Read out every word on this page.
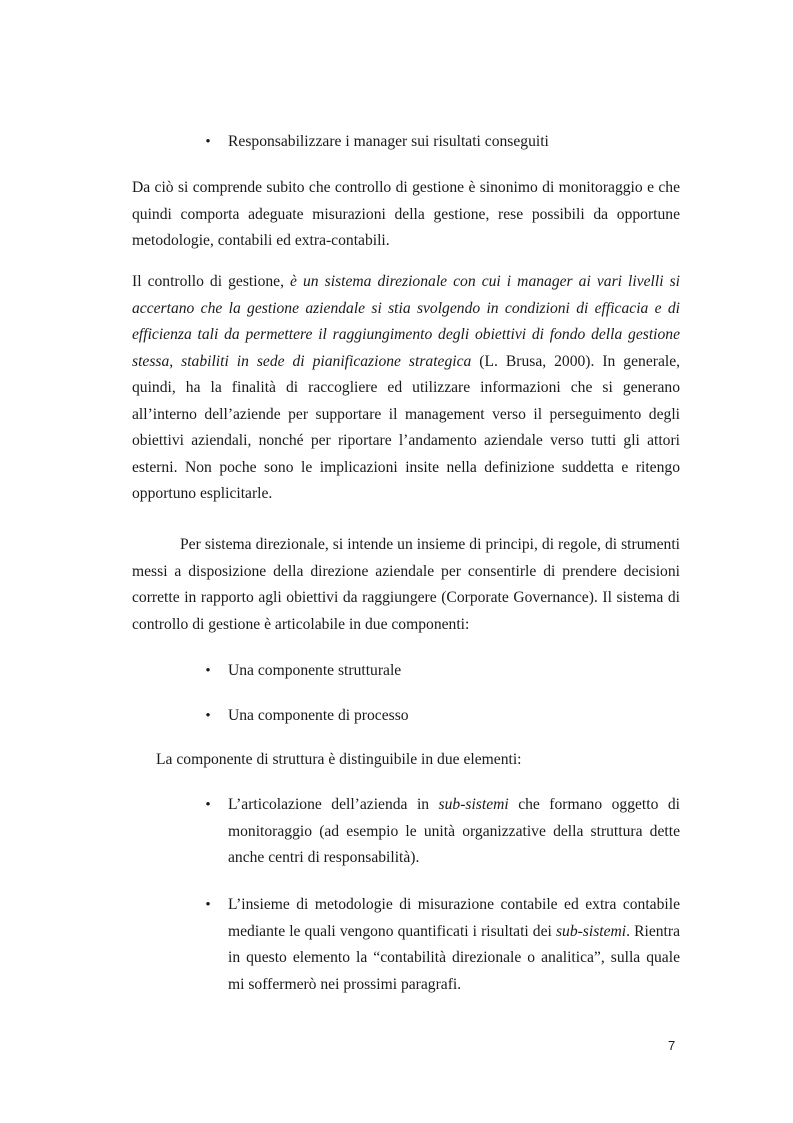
• Responsabilizzare i manager sui risultati conseguiti

Da ciò si comprende subito che controllo di gestione è sinonimo di monitoraggio e che quindi comporta adeguate misurazioni della gestione, rese possibili da opportune metodologie, contabili ed extra-contabili.

Il controllo di gestione, è un sistema direzionale con cui i manager ai vari livelli si accertano che la gestione aziendale si stia svolgendo in condizioni di efficacia e di efficienza tali da permettere il raggiungimento degli obiettivi di fondo della gestione stessa, stabiliti in sede di pianificazione strategica (L. Brusa, 2000). In generale, quindi, ha la finalità di raccogliere ed utilizzare informazioni che si generano all’interno dell’aziende per supportare il management verso il perseguimento degli obiettivi aziendali, nonché per riportare l’andamento aziendale verso tutti gli attori esterni. Non poche sono le implicazioni insite nella definizione suddetta e ritengo opportuno esplicitarle.

Per sistema direzionale, si intende un insieme di principi, di regole, di strumenti messi a disposizione della direzione aziendale per consentirle di prendere decisioni corrette in rapporto agli obiettivi da raggiungere (Corporate Governance). Il sistema di controllo di gestione è articolabile in due componenti:

• Una componente strutturale

• Una componente di processo

La componente di struttura è distinguibile in due elementi:

• L’articolazione dell’azienda in sub-sistemi che formano oggetto di monitoraggio (ad esempio le unità organizzative della struttura dette anche centri di responsabilità).

• L’insieme di metodologie di misurazione contabile ed extra contabile mediante le quali vengono quantificati i risultati dei sub-sistemi. Rientra in questo elemento la “contabilità direzionale o analitica”, sulla quale mi soffermerò nei prossimi paragrafi.

7
